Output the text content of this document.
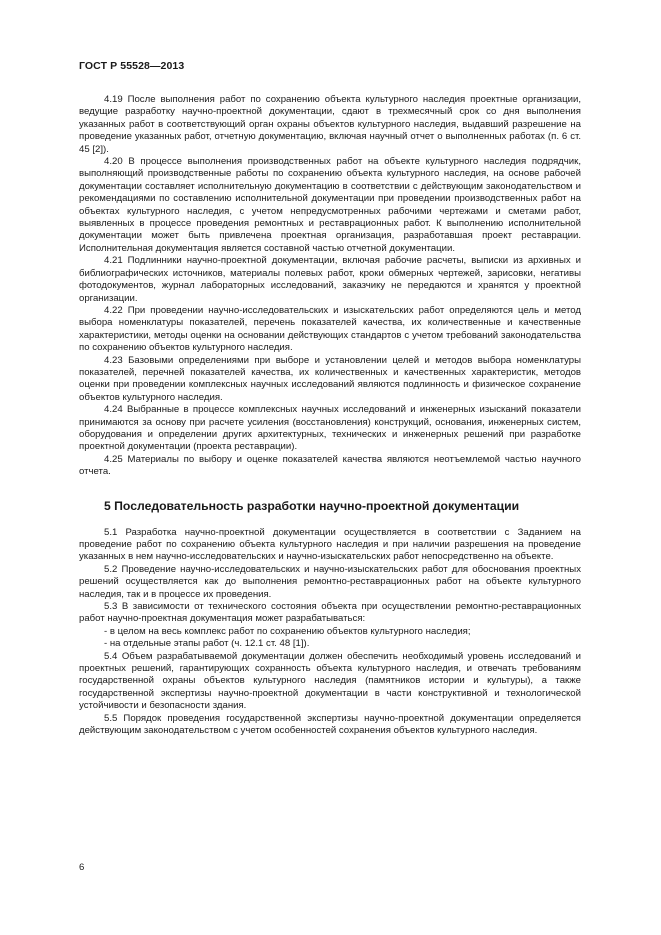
ГОСТ Р 55528—2013

4.19 После выполнения работ по сохранению объекта культурного наследия проектные организации, ведущие разработку научно-проектной документации, сдают в трехмесячный срок со дня выполнения указанных работ в соответствующий орган охраны объектов культурного наследия, выдавший разрешение на проведение указанных работ, отчетную документацию, включая научный отчет о выполненных работах (п. 6 ст. 45 [2]).

4.20 В процессе выполнения производственных работ на объекте культурного наследия подрядчик, выполняющий производственные работы по сохранению объекта культурного наследия, на основе рабочей документации составляет исполнительную документацию в соответствии с действующим законодательством и рекомендациями по составлению исполнительной документации при проведении производственных работ на объектах культурного наследия, с учетом непредусмотренных рабочими чертежами и сметами работ, выявленных в процессе проведения ремонтных и реставрационных работ. К выполнению исполнительной документации может быть привлечена проектная организация, разработавшая проект реставрации. Исполнительная документация является составной частью отчетной документации.

4.21 Подлинники научно-проектной документации, включая рабочие расчеты, выписки из архивных и библиографических источников, материалы полевых работ, кроки обмерных чертежей, зарисовки, негативы фотодокументов, журнал лабораторных исследований, заказчику не передаются и хранятся у проектной организации.

4.22 При проведении научно-исследовательских и изыскательских работ определяются цель и метод выбора номенклатуры показателей, перечень показателей качества, их количественные и качественные характеристики, методы оценки на основании действующих стандартов с учетом требований законодательства по сохранению объектов культурного наследия.

4.23 Базовыми определениями при выборе и установлении целей и методов выбора номенклатуры показателей, перечней показателей качества, их количественных и качественных характеристик, методов оценки при проведении комплексных научных исследований являются подлинность и физическое сохранение объектов культурного наследия.

4.24 Выбранные в процессе комплексных научных исследований и инженерных изысканий показатели принимаются за основу при расчете усиления (восстановления) конструкций, основания, инженерных систем, оборудования и определении других архитектурных, технических и инженерных решений при разработке проектной документации (проекта реставрации).

4.25 Материалы по выбору и оценке показателей качества являются неотъемлемой частью научного отчета.

5 Последовательность разработки научно-проектной документации

5.1 Разработка научно-проектной документации осуществляется в соответствии с Заданием на проведение работ по сохранению объекта культурного наследия и при наличии разрешения на проведение указанных в нем научно-исследовательских и научно-изыскательских работ непосредственно на объекте.

5.2 Проведение научно-исследовательских и научно-изыскательских работ для обоснования проектных решений осуществляется как до выполнения ремонтно-реставрационных работ на объекте культурного наследия, так и в процессе их проведения.

5.3 В зависимости от технического состояния объекта при осуществлении ремонтно-реставрационных работ научно-проектная документация может разрабатываться:

- в целом на весь комплекс работ по сохранению объектов культурного наследия;
- на отдельные этапы работ (ч. 12.1 ст. 48 [1]).

5.4 Объем разрабатываемой документации должен обеспечить необходимый уровень исследований и проектных решений, гарантирующих сохранность объекта культурного наследия, и отвечать требованиям государственной охраны объектов культурного наследия (памятников истории и культуры), а также государственной экспертизы научно-проектной документации в части конструктивной и технологической устойчивости и безопасности здания.

5.5 Порядок проведения государственной экспертизы научно-проектной документации определяется действующим законодательством с учетом особенностей сохранения объектов культурного наследия.

6
